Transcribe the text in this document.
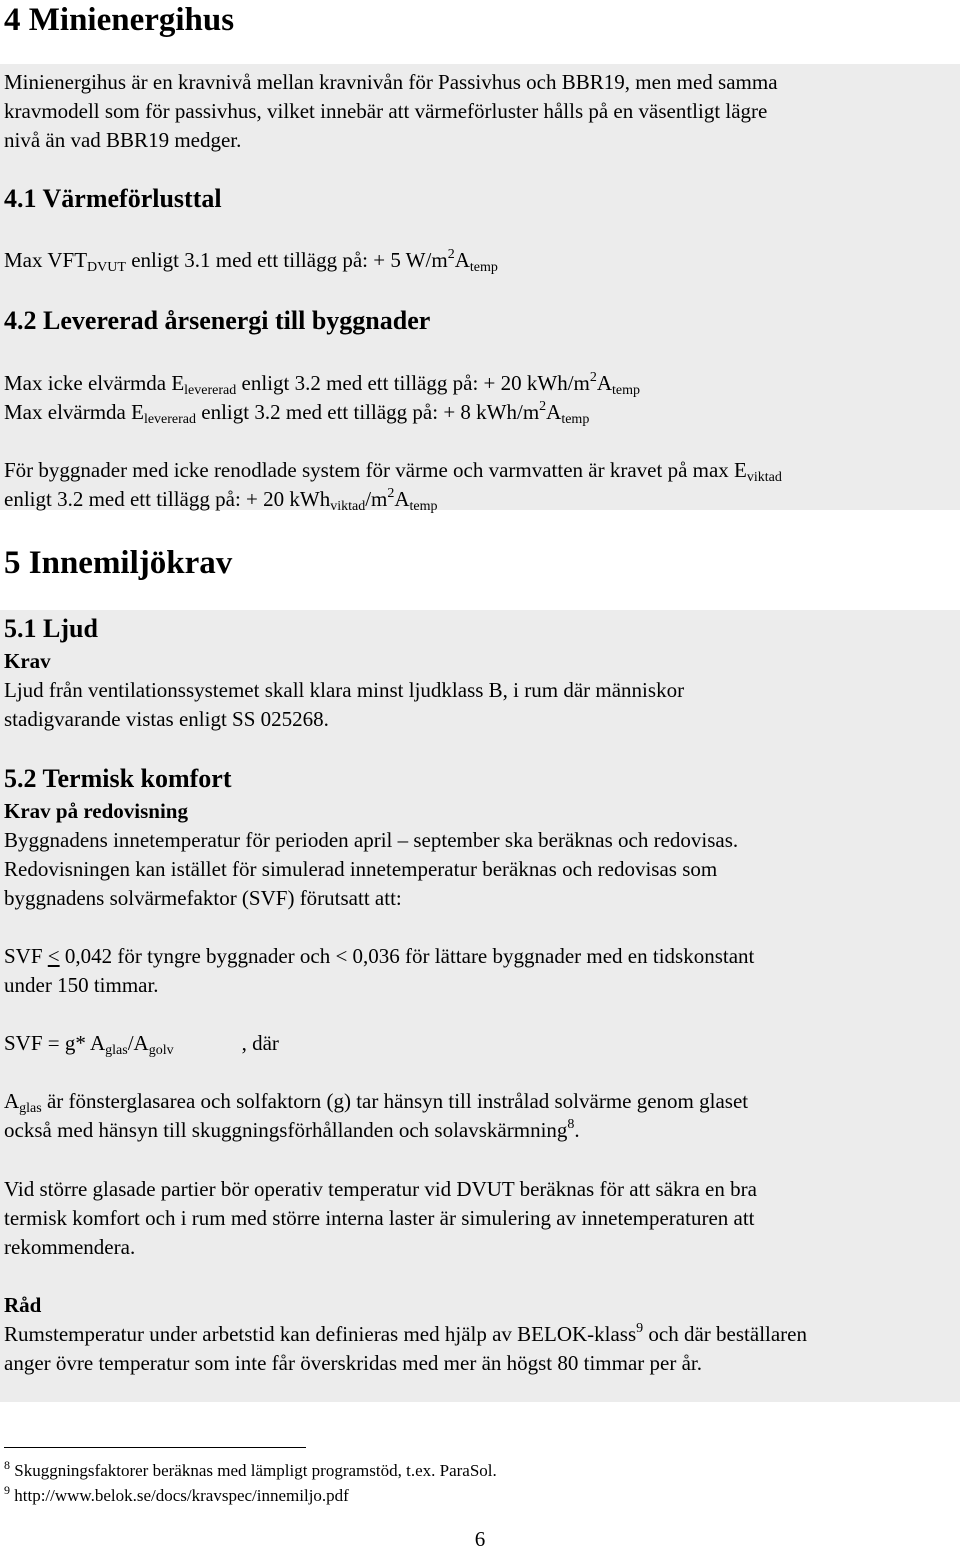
4 Minienergihus
Minienergihus är en kravnivå mellan kravnivån för Passivhus och BBR19, men med samma
kravmodell som för passivhus, vilket innebär att värmeförluster hålls på en väsentligt lägre
nivå än vad BBR19 medger.
4.1 Värmeförlusttal
Max $VFT_{DVUT}$ enligt 3.1 med ett tillägg på: + 5 $W/m^2A_{temp}$
4.2 Levererad årsenergi till byggnader
Max icke elvärmda $E_{levererad}$ enligt 3.2 med ett tillägg på: + 20 kWh/$m^2A_{temp}$
Max elvärmda $E_{levererad}$ enligt 3.2 med ett tillägg på: + 8 kWh/$m^2A_{temp}$
För byggnader med icke renodlade system för värme och varmvatten är kravet på $\max E_{viktad}$
enligt 3.2 med ett tillägg på: + 20 $kWh_{viktad}/m^2A_{temp}$
5 Innemiljökrav
5.1 Ljud
Krav
Ljud från ventilationssystemet skall klara minst ljudklass B, i rum där människor
stadigvarande vistas enligt SS 025268.
5.2 Termisk komfort
Krav på redovisning
Byggnadens innetemperatur för perioden april – september ska beräknas och redovisas.
Redovisningen kan istället för simulerad innetemperatur beräknas och redovisas som
byggnadens solvärmefaktor (SVF) förutsatt att:
SVF < 0,042 för tyngre byggnader och < 0,036 för lättare byggnader med en tidskonstant
under 150 timmar.
SVF = g* $A_{glas}/A_{golv}$	, där
$A_{glas}$ är fönsterglasarea och solfaktorn (g) tar hänsyn till instrålad solvärme genom glaset
också med hänsyn till skuggningsförhållanden och solavskärmning$^8$.
Vid större glasade partier bör operativ temperatur vid DVUT beräknas för att säkra en bra
termisk komfort och i rum med större interna laster är simulering av innetemperaturen att
rekommendera.
Råd
Rumstemperatur under arbetstid kan definieras med hjälp av BELOK-klass$^9$ och där beställaren
anger övre temperatur som inte får överskridas med mer än högst 80 timmar per år.
$^8$ Skuggningsfaktorer beräknas med lämpligt programstöd, t.ex. ParaSol.
$^9$ http://www.belok.se/docs/kravspec/innemiljo.pdf
6
